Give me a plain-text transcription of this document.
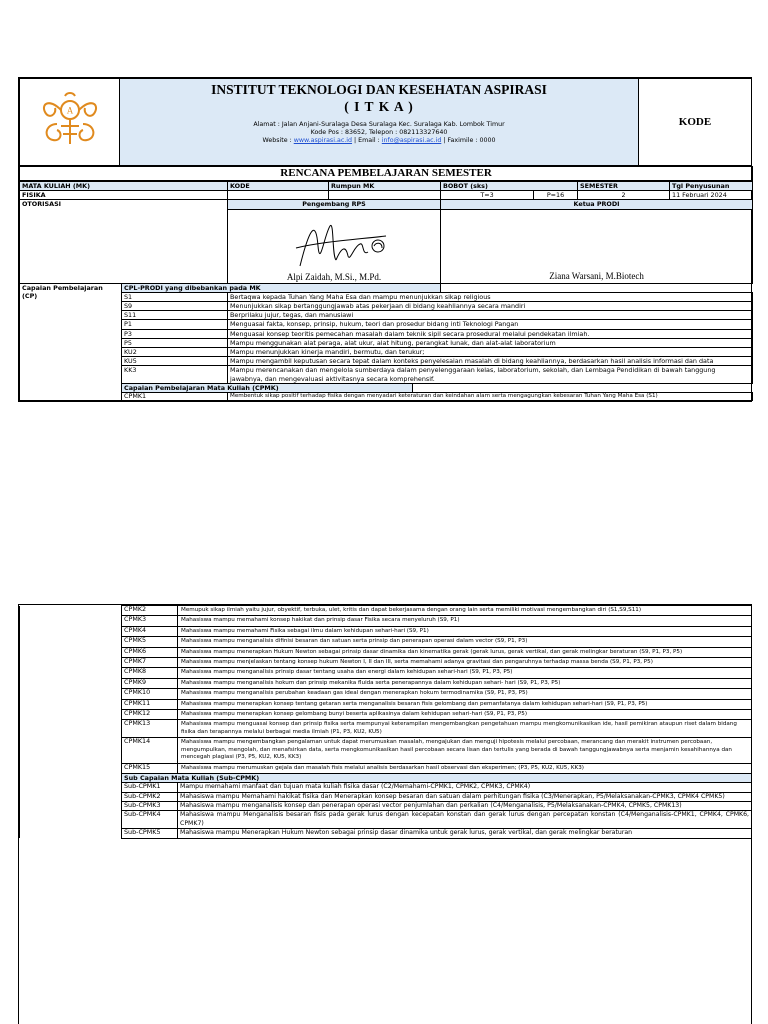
A

INSTITUT TEKNOLOGI DAN KESEHATAN ASPIRASI
( I T K A )
Alamat : Jalan Anjani-Suralaga Desa Suralaga Kec. Suralaga Kab. Lombok Timur
Kode Pos : 83652, Telepon : 082113327640
Website : www.aspirasi.ac.id | Email : info@aspirasi.ac.id | Faximile : 0000
	KODE
RENCANA PEMBELAJARAN SEMESTER								
MATA KULIAH (MK)		KODE	Rumpun MK		BOBOT (sks)		SEMESTER	Tgl Penyusunan
FISIKA					T=3	P=16	2	11 Februari 2024
OTORISASI		Pengembang RPS			Ketua PRODI			

		Alpi Zaidah, M.Si., M.Pd.			Ziana Warsani, M.Biotech			

Capaian Pembelajaran
(CP)	CPL-PRODI yang dibebankan pada MK							
	S1	Bertaqwa kepada Tuhan Yang Maha Esa dan mampu menunjukkan sikap religious						
	S9	Menunjukkan sikap bertanggungjawab atas pekerjaan di bidang keahliannya secara mandiri						
	S11	Berprilaku jujur, tegas, dan manusiawi						
	P1	Menguasai fakta, konsep, prinsip, hukum, teori dan prosedur bidang inti Teknologi Pangan						
	P3	Menguasai konsep teoritis pemecahan masalah dalam teknik sipil secara prosedural melalui pendekatan ilmiah.						
	P5	Mampu menggunakan alat peraga, alat ukur, alat hitung, perangkat lunak, dan alat-alat laboratorium						
	KU2	Mampu menunjukkan kinerja mandiri, bermutu, dan terukur;						
	KU5	Mampu mengambil keputusan secara tepat dalam konteks penyelesaian masalah di bidang keahliannya, berdasarkan hasil analisis informasi dan data						
	KK3	Mampu merencanakan dan mengelola sumberdaya dalam penyelenggaraan kelas, laboratorium, sekolah, dan Lembaga Pendidikan di bawah tanggung jawabnya, dan mengevaluasi aktivitasnya secara komprehensif.						
	Capaian Pembelajaran Mata Kuliah (CPMK)							
	CPMK1	Membentuk sikap positif terhadap fisika dengan menyadari keteraturan dan keindahan alam serta mengagungkan kebesaran Tuhan Yang Maha Esa (S1)						
	CPMK2	Memupuk sikap ilmiah yaitu jujur, obyektif, terbuka, ulet, kritis dan dapat bekerjasama dengan orang lain serta memiliki motivasi mengembangkan diri (S1,S9,S11)
	CPMK3	Mahasiswa mampu memahami konsep hakikat dan prinsip dasar Fisika secara menyeluruh (S9, P1)
	CPMK4	Mahasiswa mampu memahami Fisika sebagai ilmu dalam kehidupan sehari-hari (S9, P1)
	CPMK5	Mahasiswa mampu menganalisis difinisi besaran dan satuan serta prinsip dan penerapan operasi dalam vector (S9, P1, P3)
	CPMK6	Mahasiswa mampu menerapkan Hukum Newton sebagai prinsip dasar dinamika dan kinematika gerak (gerak lurus, gerak vertikal, dan gerak melingkar beraturan (S9, P1, P3, P5)
	CPMK7	Mahasiswa mampu menjelaskan tentang konsep hukum Newton I, II dan III, serta memahami adanya gravitasi dan pengaruhnya terhadap massa benda (S9, P1, P3, P5)
	CPMK8	Mahasiswa mampu menganalisis prinsip dasar tentang usaha dan energi dalam kehidupan sehari-hari (S9, P1, P3, P5)
	CPMK9	Mahasiswa mampu menganalisis hokum dan prinsip mekanika fluida serta penerapannya dalam kehidupan sehari- hari (S9, P1, P3, P5)
	CPMK10	Mahasiswa mampu menganalisis perubahan keadaan gas ideal dengan menerapkan hokum termodinamika (S9, P1, P3, P5)
	CPMK11	Mahasiswa mampu menerapkan konsep tentang getaran serta menganalisis besaran fisis gelombang dan pemanfatanya dalam kehidupan sehari-hari (S9, P1, P3, P5)
	CPMK12	Mahasiswa mampu menerapkan konsep gelombang bunyi beserta aplikasinya dalam kehidupan sehari-hari (S9, P1, P3, P5)
	CPMK13	Mahasiswa mampu menguasai konsep dan prinsip fisika serta mempunyai keterampilan mengembangkan pengetahuan mampu mengkomunikasikan ide, hasil pemikiran ataupun riset dalam bidang fisika dan terapannya melalui berbagai media ilmiah (P1, P3, KU2, KU5)
	CPMK14	Mahasiswa mampu mengembangkan pengalaman untuk dapat merumuskan masalah, mengajukan dan menguji hipotesis melalui percobaan, merancang dan merakit instrumen percobaan, mengumpulkan, mengolah, dan menafsirkan data, serta mengkomunikasikan hasil percobaan secara lisan dan tertulis yang berada di bawah tanggungjawabnya serta menjamin kesahihannya dan mencegah plagiasi (P3, P5, KU2, KU5, KK3)
	CPMK15	Mahasiswa mampu merumuskan gejala dan masalah fisis melalui analisis berdasarkan hasil observasi dan eksperimen; (P3, P5, KU2, KU5, KK3)
	Sub Capaian Mata Kuliah (Sub-CPMK)	
	Sub-CPMK1	Mampu memahami manfaat dan tujuan mata kuliah fisika dasar (C2/Memahami-CPMK1, CPMK2, CPMK3, CPMK4)
	Sub-CPMK2	Mahasiswa mampu Memahami hakikat fisika dan Menerapkan konsep besaran dan satuan dalam perhitungan fisika (C3/Menerapkan, P5/Melaksanakan-CPMK3, CPMK4 CPMK5)
	Sub-CPMK3	Mahasiswa mampu menganalisis konsep dan penerapan operasi vector penjumlahan dan perkalian (C4/Menganalisis, P5/Melaksanakan-CPMK4, CPMK5, CPMK13)
	Sub-CPMK4	Mahasiswa mampu Menganalisis besaran fisis pada gerak lurus dengan kecepatan konstan dan gerak lurus dengan percepatan konstan (C4/Menganalisis-CPMK1, CPMK4, CPMK6, CPMK7)
	Sub-CPMK5	Mahasiswa mampu Menerapkan Hukum Newton sebagai prinsip dasar dinamika untuk gerak lurus, gerak vertikal, dan gerak melingkar beraturan
